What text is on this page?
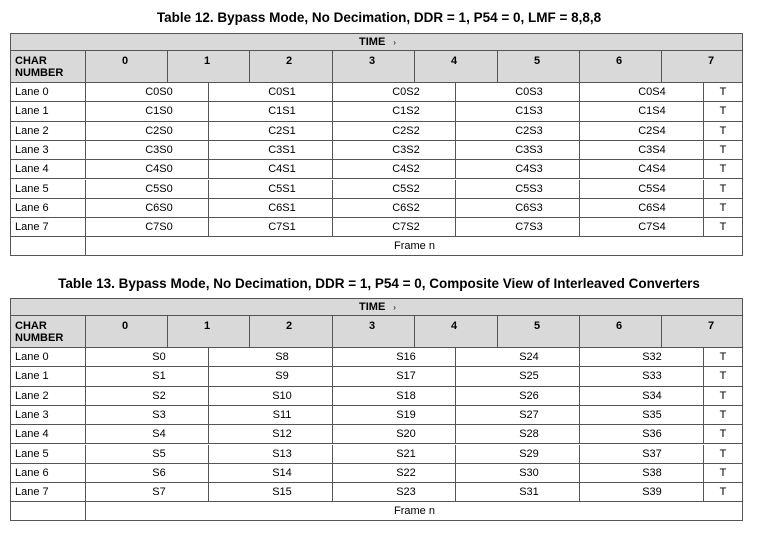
Table 12. Bypass Mode, No Decimation, DDR = 1, P54 = 0, LMF = 8,8,8
TIME ›
CHAR
NUMBER
0	1	2	3	4	5	6	7
Lane 0	C0S0	C0S1	C0S2	C0S3	C0S4	T
Lane 1	C1S0	C1S1	C1S2	C1S3	C1S4	T
Lane 2	C2S0	C2S1	C2S2	C2S3	C2S4	T
Lane 3	C3S0	C3S1	C3S2	C3S3	C3S4	T
Lane 4	C4S0	C4S1	C4S2	C4S3	C4S4	T
Lane 5	C5S0	C5S1	C5S2	C5S3	C5S4	T
Lane 6	C6S0	C6S1	C6S2	C6S3	C6S4	T
Lane 7	C7S0	C7S1	C7S2	C7S3	C7S4	T
Frame n
Table 13. Bypass Mode, No Decimation, DDR = 1, P54 = 0, Composite View of Interleaved Converters
TIME ›
CHAR
NUMBER
0	1	2	3	4	5	6	7
Lane 0	S0	S8	S16	S24	S32	T
Lane 1	S1	S9	S17	S25	S33	T
Lane 2	S2	S10	S18	S26	S34	T
Lane 3	S3	S11	S19	S27	S35	T
Lane 4	S4	S12	S20	S28	S36	T
Lane 5	S5	S13	S21	S29	S37	T
Lane 6	S6	S14	S22	S30	S38	T
Lane 7	S7	S15	S23	S31	S39	T
Frame n
